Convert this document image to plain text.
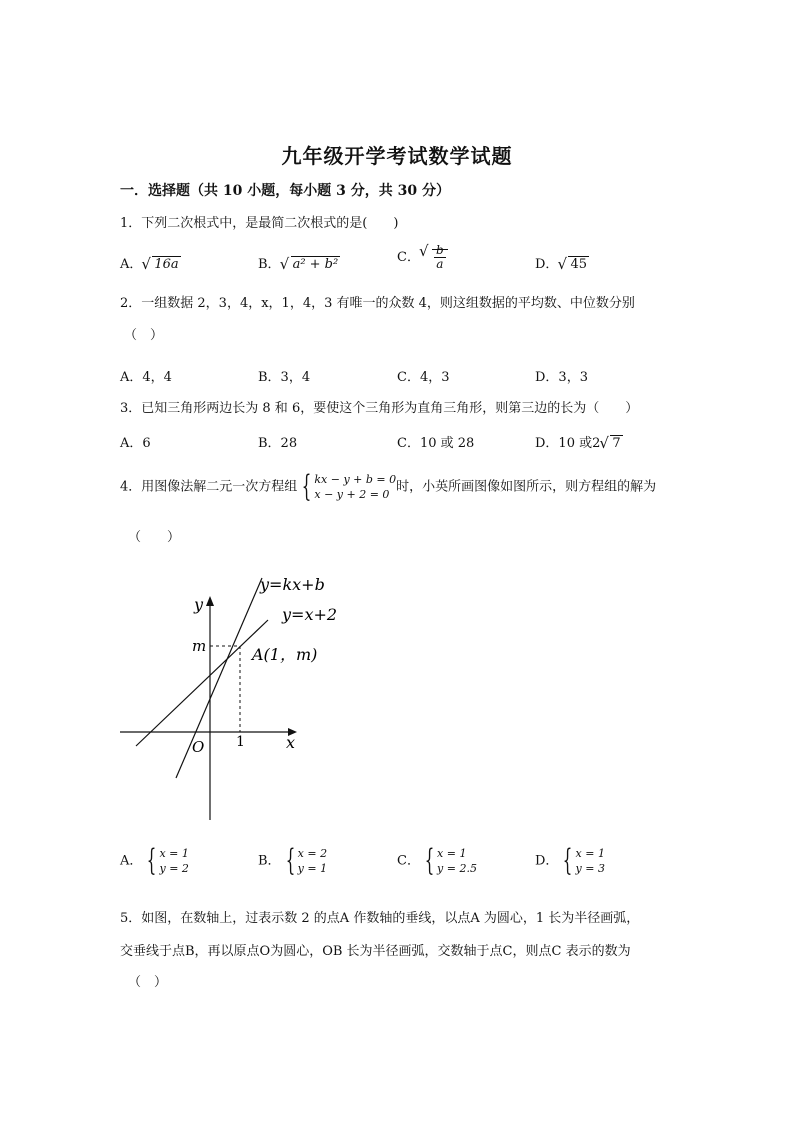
九年级开学考试数学试题
一．选择题（共 10 小题，每小题 3 分，共 30 分）
1．下列二次根式中，是最简二次根式的是(　　)
A． √ 16a	B． √ a² + b²	C． √ $\frac{b}{a}$	D． √ 45
2．一组数据 2，3，4，x，1，4，3 有唯一的众数 4，则这组数据的平均数、中位数分别
（　）
A．4，4	B．3，4	C．4，3	D．3，3
3．已知三角形两边长为 8 和 6，要使这个三角形为直角三角形，则第三边的长为（　　）
A．6	B．28	C．10 或 28	D．10 或2 √ 7
4．用图像法解二元一次方程组 { kx − y + b = 0
x − y + 2 = 0 时，小英所画图像如图所示，则方程组的解为
（　　）
y=kx+b
y=x+2
y
x
O
m
1
A(1，m)
A． { x = 1
y = 2	B． { x = 2
y = 1	C． { x = 1
y = 2.5	D． { x = 1
y = 3
5．如图，在数轴上，过表示数 2 的点A 作数轴的垂线，以点A 为圆心，1 长为半径画弧，
交垂线于点B，再以原点O为圆心，OB 长为半径画弧，交数轴于点C，则点C 表示的数为
（　）
